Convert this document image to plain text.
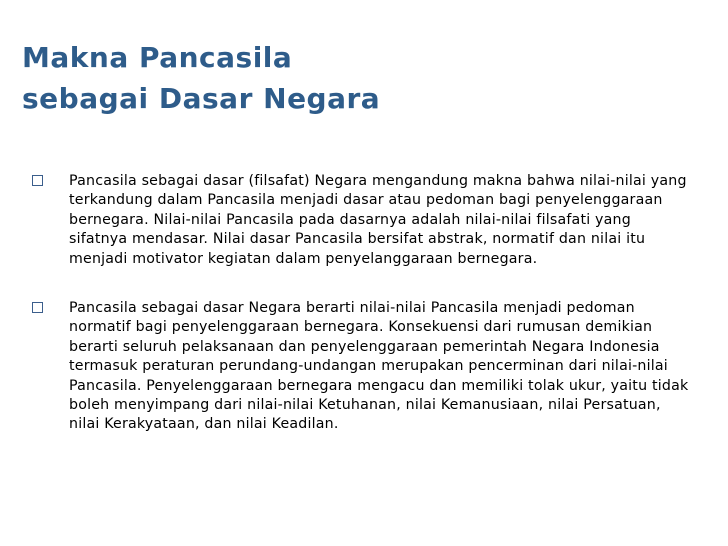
Makna Pancasila
sebagai Dasar Negara
Pancasila sebagai dasar (filsafat) Negara mengandung makna bahwa nilai-nilai yang terkandung dalam Pancasila menjadi dasar atau pedoman bagi penyelenggaraan bernegara. Nilai-nilai Pancasila pada dasarnya adalah nilai-nilai filsafati yang sifatnya mendasar. Nilai dasar Pancasila bersifat abstrak, normatif dan nilai itu menjadi motivator kegiatan dalam penyelanggaraan bernegara.
Pancasila sebagai dasar Negara berarti nilai-nilai Pancasila menjadi pedoman normatif bagi penyelenggaraan bernegara. Konsekuensi dari rumusan demikian berarti seluruh pelaksanaan dan penyelenggaraan pemerintah Negara Indonesia termasuk peraturan perundang-undangan merupakan pencerminan dari nilai-nilai Pancasila. Penyelenggaraan bernegara mengacu dan memiliki tolak ukur, yaitu tidak boleh menyimpang dari nilai-nilai Ketuhanan, nilai Kemanusiaan, nilai Persatuan, nilai Kerakyataan, dan nilai Keadilan.
